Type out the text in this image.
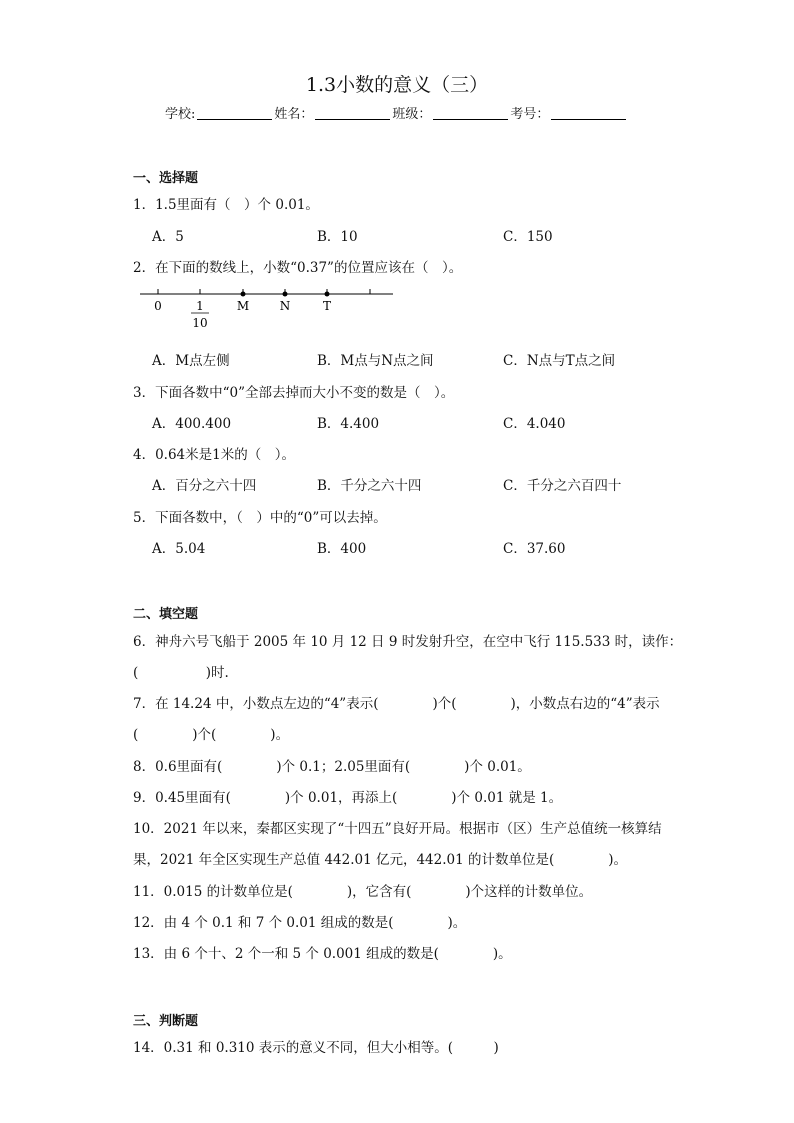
1.3小数的意义（三）
学校:	姓名：	班级：	考号：
一、选择题
1．1.5里面有（　）个 0.01。
A．5	B．10	C．150
2．在下面的数线上，小数“0.37”的位置应该在（　）。
0	1
10
M	N	T
A．M点左侧	B．M点与N点之间	C．N点与T点之间
3．下面各数中“0”全部去掉而大小不变的数是（　）。
A．400.400	B．4.400	C．4.040
4．0.64米是1米的（　）。
A．百分之六十四	B．千分之六十四	C．千分之六百四十
5．下面各数中，（　）中的“0”可以去掉。
A．5.04	B．400	C．37.60
二、填空题
6．神舟六号飞船于 2005 年 10 月 12 日 9 时发射升空，在空中飞行 115.533 时，读作：
(　　　　　)时.
7．在 14.24 中，小数点左边的“4”表示(　　　　)个(　　　　)，小数点右边的“4”表示
(　　　　)个(　　　　)。
8．0.6里面有(　　　　)个 0.1；2.05里面有(　　　　)个 0.01。
9．0.45里面有(　　　　)个 0.01，再添上(　　　　)个 0.01 就是 1。
10．2021 年以来，秦都区实现了“十四五”良好开局。根据市（区）生产总值统一核算结
果，2021 年全区实现生产总值 442.01 亿元，442.01 的计数单位是(　　　　)。
11．0.015 的计数单位是(　　　　)，它含有(　　　　)个这样的计数单位。
12．由 4 个 0.1 和 7 个 0.01 组成的数是(　　　　)。
13．由 6 个十、2 个一和 5 个 0.001 组成的数是(　　　　)。
三、判断题
14．0.31 和 0.310 表示的意义不同，但大小相等。(　　　)
